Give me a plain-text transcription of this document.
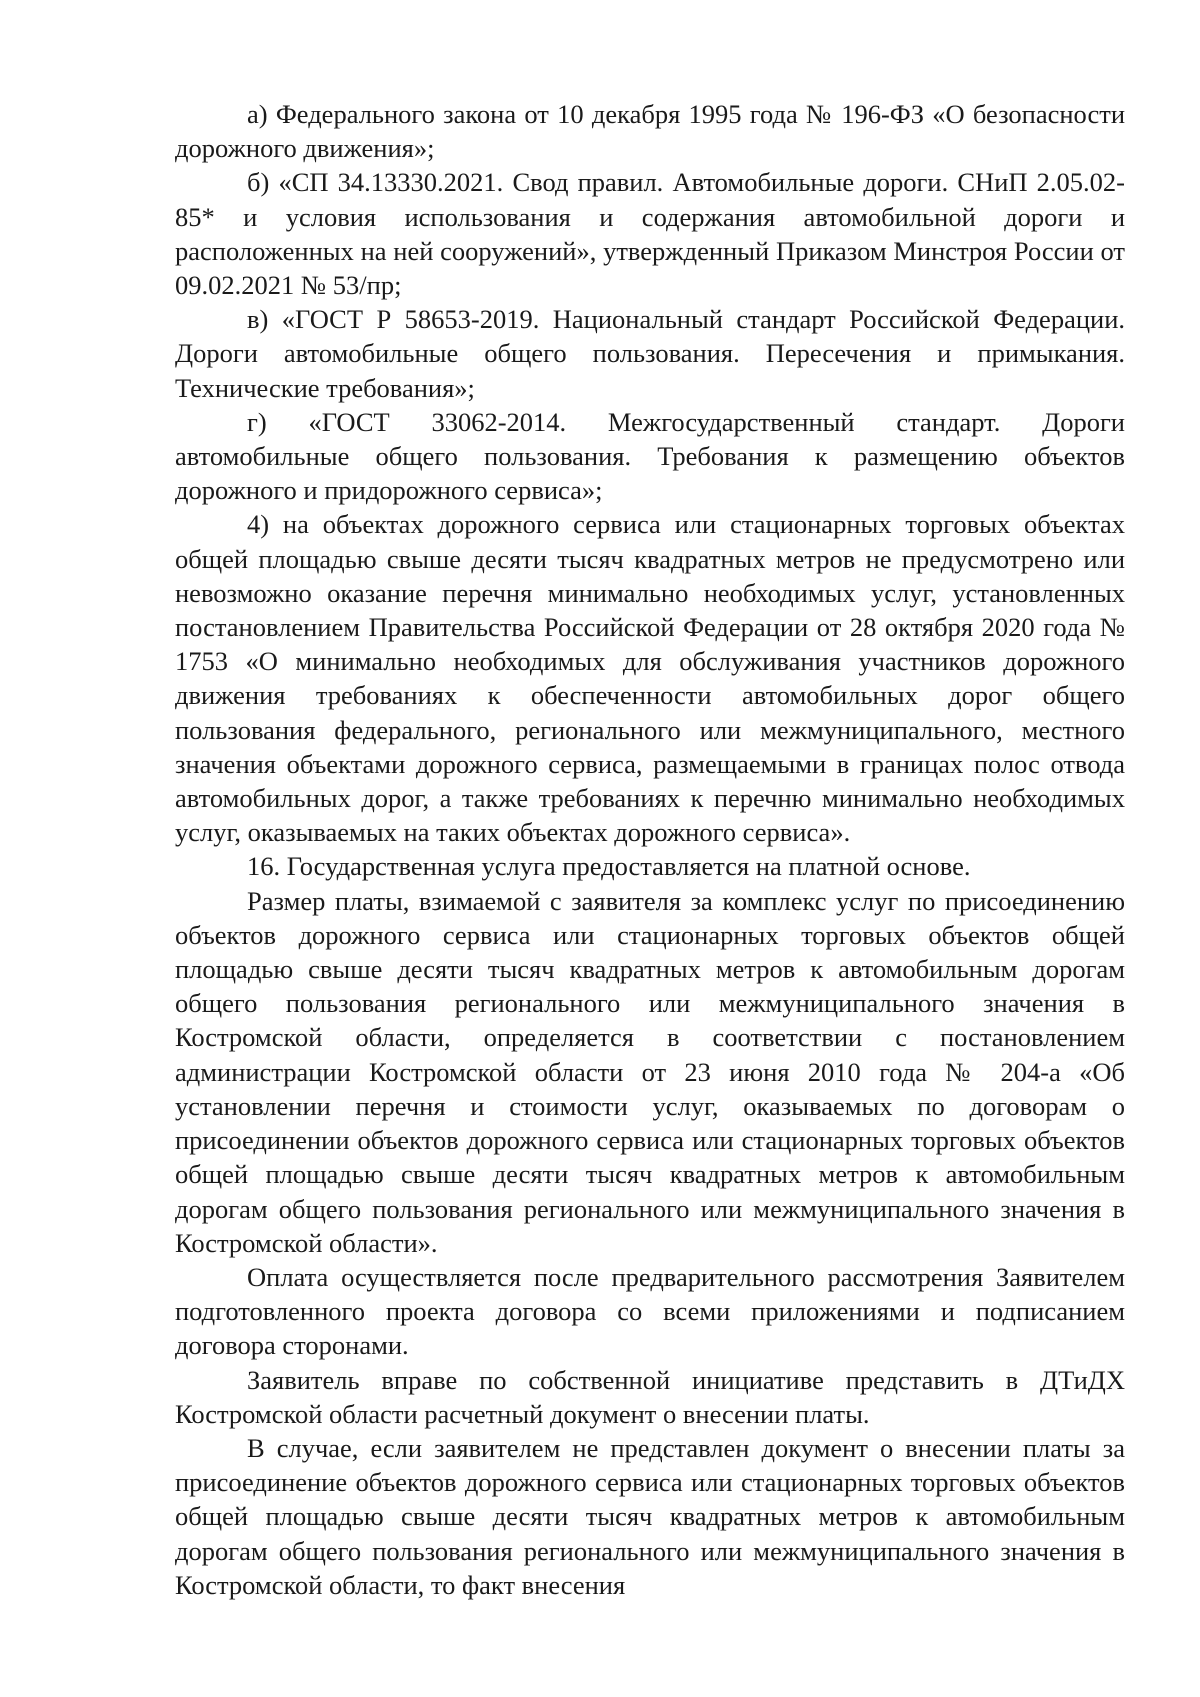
а) Федерального закона от 10 декабря 1995 года № 196-ФЗ «О безопасности дорожного движения»;

б) «СП 34.13330.2021. Свод правил. Автомобильные дороги. СНиП 2.05.02-85* и условия использования и содержания автомобильной дороги и расположенных на ней сооружений», утвержденный Приказом Минстроя России от 09.02.2021 № 53/пр;

в) «ГОСТ Р 58653-2019. Национальный стандарт Российской Федерации. Дороги автомобильные общего пользования. Пересечения и примыкания. Технические требования»;

г) «ГОСТ 33062-2014. Межгосударственный стандарт. Дороги автомобильные общего пользования. Требования к размещению объектов дорожного и придорожного сервиса»;

4) на объектах дорожного сервиса или стационарных торговых объектах общей площадью свыше десяти тысяч квадратных метров не предусмотрено или невозможно оказание перечня минимально необходимых услуг, установленных постановлением Правительства Российской Федерации от 28 октября 2020 года № 1753 «О минимально необходимых для обслуживания участников дорожного движения требованиях к обеспеченности автомобильных дорог общего пользования федерального, регионального или межмуниципального, местного значения объектами дорожного сервиса, размещаемыми в границах полос отвода автомобильных дорог, а также требованиях к перечню минимально необходимых услуг, оказываемых на таких объектах дорожного сервиса».

16. Государственная услуга предоставляется на платной основе.

Размер платы, взимаемой с заявителя за комплекс услуг по присоединению объектов дорожного сервиса или стационарных торговых объектов общей площадью свыше десяти тысяч квадратных метров к автомобильным дорогам общего пользования регионального или межмуниципального значения в Костромской области, определяется в соответствии с постановлением администрации Костромской области от 23 июня 2010 года № 204-а «Об установлении перечня и стоимости услуг, оказываемых по договорам о присоединении объектов дорожного сервиса или стационарных торговых объектов общей площадью свыше десяти тысяч квадратных метров к автомобильным дорогам общего пользования регионального или межмуниципального значения в Костромской области».

Оплата осуществляется после предварительного рассмотрения Заявителем подготовленного проекта договора со всеми приложениями и подписанием договора сторонами.

Заявитель вправе по собственной инициативе представить в ДТиДХ Костромской области расчетный документ о внесении платы.

В случае, если заявителем не представлен документ о внесении платы за присоединение объектов дорожного сервиса или стационарных торговых объектов общей площадью свыше десяти тысяч квадратных метров к автомобильным дорогам общего пользования регионального или межмуниципального значения в Костромской области, то факт внесения
